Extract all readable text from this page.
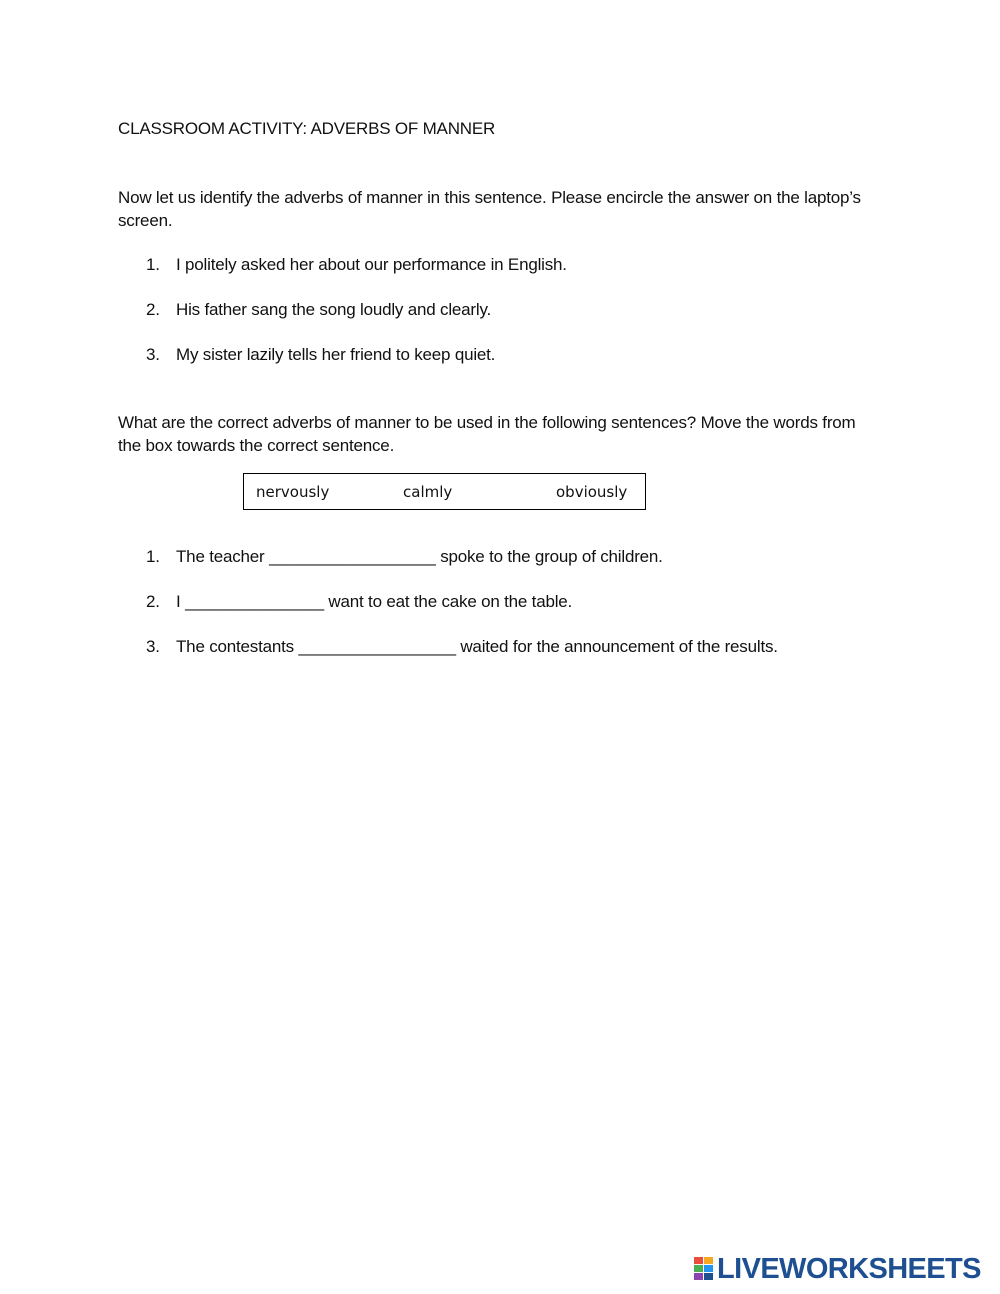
CLASSROOM ACTIVITY: ADVERBS OF MANNER
Now let us identify the adverbs of manner in this sentence. Please encircle the answer on the laptop’s screen.
1. I politely asked her about our performance in English.
2. His father sang the song loudly and clearly.
3. My sister lazily tells her friend to keep quiet.
What are the correct adverbs of manner to be used in the following sentences? Move the words from the box towards the correct sentence.
nervously	calmly	obviously
1. The teacher __________________ spoke to the group of children.
2. I _______________ want to eat the cake on the table.
3. The contestants _________________ waited for the announcement of the results.
LIVEWORKSHEETS
